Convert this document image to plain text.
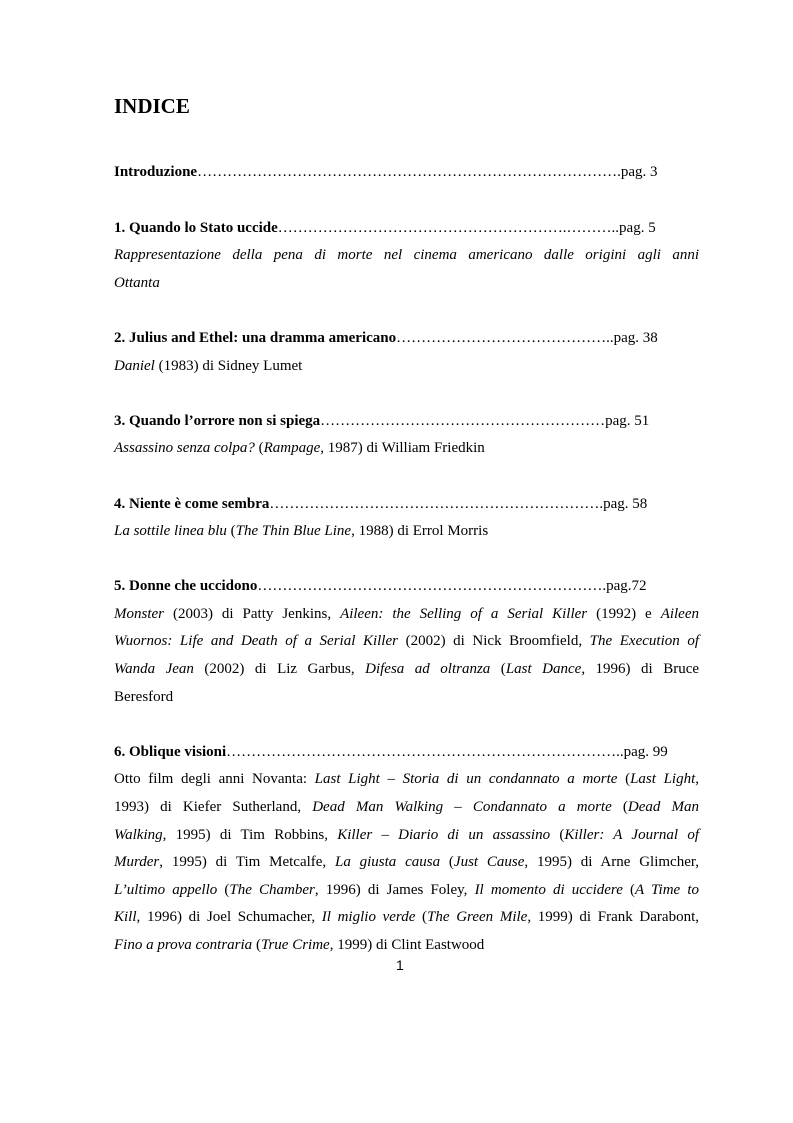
INDICE
Introduzione………………………………………………………………………….pag. 3
1. Quando lo Stato uccide………………………………………………….………..pag. 5
Rappresentazione della pena di morte nel cinema americano dalle origini agli anni
Ottanta
2. Julius and Ethel: una dramma americano……………………………………..pag. 38
Daniel (1983) di Sidney Lumet
3. Quando l’orrore non si spiega…………………………………………………pag. 51
Assassino senza colpa? (Rampage, 1987) di William Friedkin
4. Niente è come sembra………………………………………………………….pag. 58
La sottile linea blu (The Thin Blue Line, 1988) di Errol Morris
5. Donne che uccidono…………………………………………………………….pag.72
Monster (2003) di Patty Jenkins, Aileen: the Selling of a Serial Killer (1992) e Aileen
Wuornos: Life and Death of a Serial Killer (2002) di Nick Broomfield, The Execution of
Wanda Jean (2002) di Liz Garbus, Difesa ad oltranza (Last Dance, 1996) di Bruce
Beresford
6. Oblique visioni……………………………………………………………………..pag. 99
Otto film degli anni Novanta: Last Light – Storia di un condannato a morte (Last Light,
1993) di Kiefer Sutherland, Dead Man Walking – Condannato a morte (Dead Man
Walking, 1995) di Tim Robbins, Killer – Diario di un assassino (Killer: A Journal of
Murder, 1995) di Tim Metcalfe, La giusta causa (Just Cause, 1995) di Arne Glimcher,
L’ultimo appello (The Chamber, 1996) di James Foley, Il momento di uccidere (A Time to
Kill, 1996) di Joel Schumacher, Il miglio verde (The Green Mile, 1999) di Frank Darabont,
Fino a prova contraria (True Crime, 1999) di Clint Eastwood
1
